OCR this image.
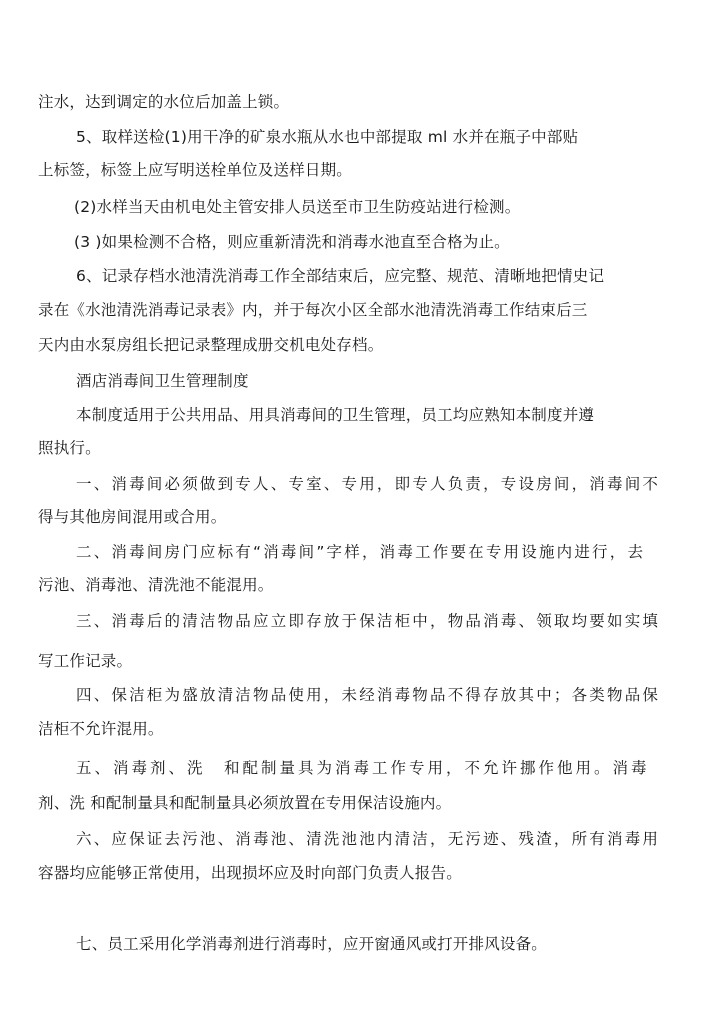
注水，达到调定的水位后加盖上锁。
5、取样送检(1)用干净的矿泉水瓶从水也中部提取 ml 水并在瓶子中部贴
上标签，标签上应写明送栓单位及送样日期。
(2)水样当天由机电处主管安排人员送至市卫生防疫站进行检测。
(3 )如果检测不合格，则应重新清洗和消毒水池直至合格为止。
6、记录存档水池清洗消毒工作全部结束后，应完整、规范、清晰地把情史记
录在《水池清洗消毒记录表》内，并于每次小区全部水池清洗消毒工作结束后三
天内由水泵房组长把记录整理成册交机电处存档。
酒店消毒间卫生管理制度
本制度适用于公共用品、用具消毒间的卫生管理，员工均应熟知本制度并遵
照执行。
一、消毒间必须做到专人、专室、专用，即专人负责，专设房间，消毒间不
得与其他房间混用或合用。
二、消毒间房门应标有“消毒间”字样，消毒工作要在专用设施内进行，去
污池、消毒池、清洗池不能混用。
三、消毒后的清洁物品应立即存放于保洁柜中，物品消毒、领取均要如实填
写工作记录。
四、保洁柜为盛放清洁物品使用，未经消毒物品不得存放其中；各类物品保
洁柜不允许混用。
五、消毒剂、洗　和配制量具为消毒工作专用，不允许挪作他用。消毒
剂、洗 和配制量具和配制量具必须放置在专用保洁设施内。
六、应保证去污池、消毒池、清洗池池内清洁，无污迹、残渣，所有消毒用
容器均应能够正常使用，出现损坏应及时向部门负责人报告。
七、员工采用化学消毒剂进行消毒时，应开窗通风或打开排风设备。
